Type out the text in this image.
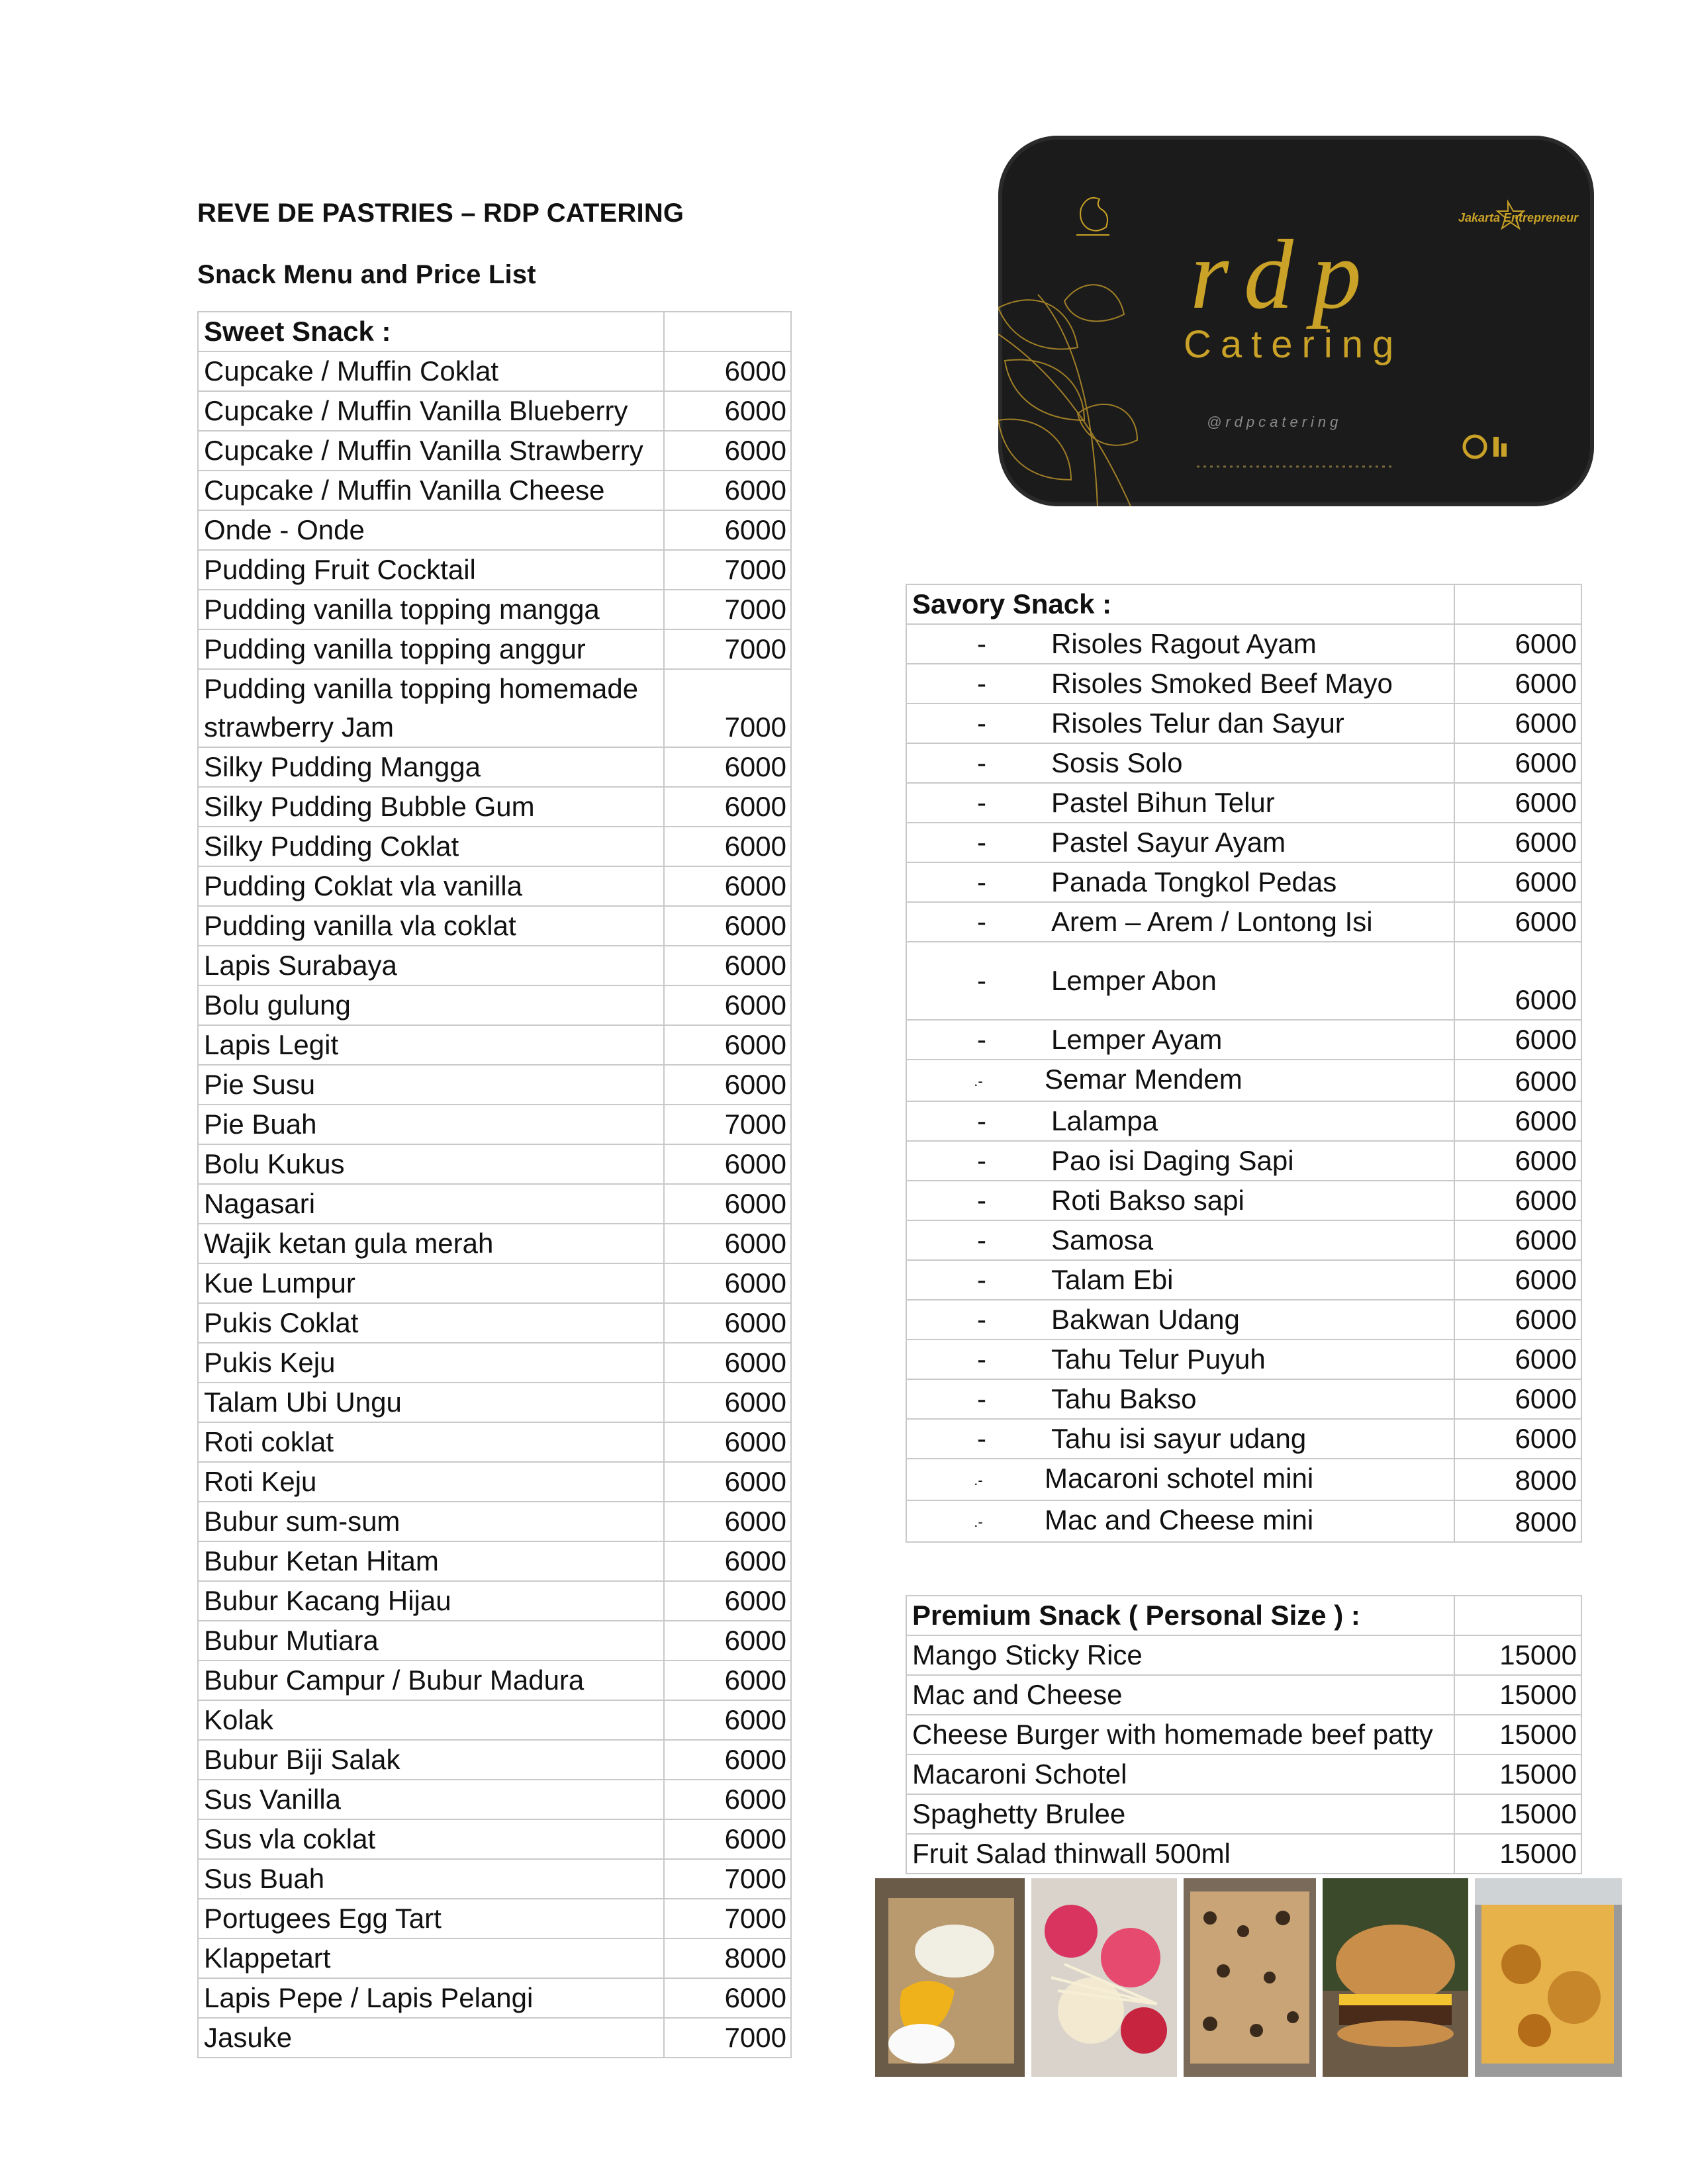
REVE DE PASTRIES – RDP CATERING
Snack Menu and Price List
Jakarta Entrepreneur
rdp
Catering
@rdpcatering
Sweet Snack :	
Cupcake / Muffin Coklat	6000
Cupcake / Muffin Vanilla Blueberry	6000
Cupcake / Muffin Vanilla Strawberry	6000
Cupcake / Muffin Vanilla Cheese	6000
Onde - Onde	6000
Pudding Fruit Cocktail	7000
Pudding vanilla topping mangga	7000
Pudding vanilla topping anggur	7000
Pudding vanilla topping homemade strawberry Jam	7000
Silky Pudding Mangga	6000
Silky Pudding Bubble Gum	6000
Silky Pudding Coklat	6000
Pudding Coklat vla vanilla	6000
Pudding vanilla vla coklat	6000
Lapis Surabaya	6000
Bolu gulung	6000
Lapis Legit	6000
Pie Susu	6000
Pie Buah	7000
Bolu Kukus	6000
Nagasari	6000
Wajik ketan gula merah	6000
Kue Lumpur	6000
Pukis Coklat	6000
Pukis Keju	6000
Talam Ubi Ungu	6000
Roti coklat	6000
Roti Keju	6000
Bubur sum-sum	6000
Bubur Ketan Hitam	6000
Bubur Kacang Hijau	6000
Bubur Mutiara	6000
Bubur Campur / Bubur Madura	6000
Kolak	6000
Bubur Biji Salak	6000
Sus Vanilla	6000
Sus vla coklat	6000
Sus Buah	7000
Portugees Egg Tart	7000
Klappetart	8000
Lapis Pepe / Lapis Pelangi	6000
Jasuke	7000
Savory Snack :	
- Risoles Ragout Ayam	6000
- Risoles Smoked Beef Mayo	6000
- Risoles Telur dan Sayur	6000
- Sosis Solo	6000
- Pastel Bihun Telur	6000
- Pastel Sayur Ayam	6000
- Panada Tongkol Pedas	6000
- Arem – Arem / Lontong Isi	6000
- Lemper Abon	6000
- Lemper Ayam	6000
.- Semar Mendem	6000
- Lalampa	6000
- Pao isi Daging Sapi	6000
- Roti Bakso sapi	6000
- Samosa	6000
- Talam Ebi	6000
- Bakwan Udang	6000
- Tahu Telur Puyuh	6000
- Tahu Bakso	6000
- Tahu isi sayur udang	6000
.- Macaroni schotel mini	8000
.- Mac and Cheese mini	8000
Premium Snack ( Personal Size ) :	
Mango Sticky Rice	15000
Mac and Cheese	15000
Cheese Burger with homemade beef patty	15000
Macaroni Schotel	15000
Spaghetty Brulee	15000
Fruit Salad thinwall 500ml	15000
